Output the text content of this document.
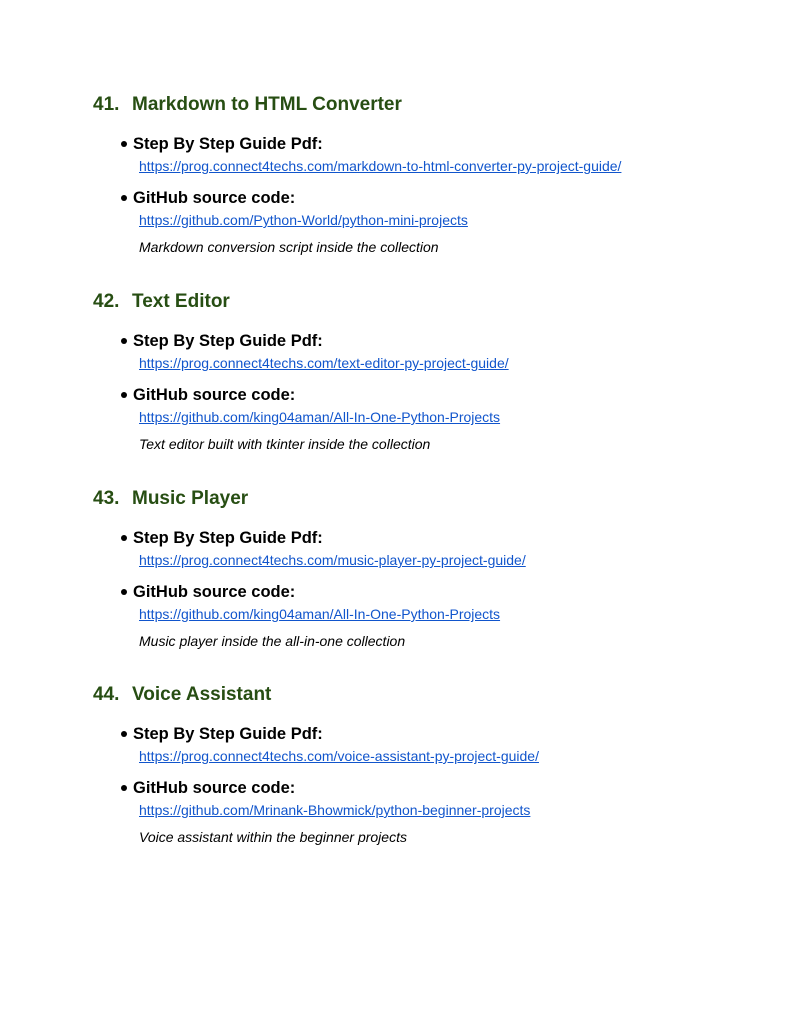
41. Markdown to HTML Converter
Step By Step Guide Pdf:
https://prog.connect4techs.com/markdown-to-html-converter-py-project-guide/
GitHub source code:
https://github.com/Python-World/python-mini-projects
Markdown conversion script inside the collection
42. Text Editor
Step By Step Guide Pdf:
https://prog.connect4techs.com/text-editor-py-project-guide/
GitHub source code:
https://github.com/king04aman/All-In-One-Python-Projects
Text editor built with tkinter inside the collection
43. Music Player
Step By Step Guide Pdf:
https://prog.connect4techs.com/music-player-py-project-guide/
GitHub source code:
https://github.com/king04aman/All-In-One-Python-Projects
Music player inside the all-in-one collection
44. Voice Assistant
Step By Step Guide Pdf:
https://prog.connect4techs.com/voice-assistant-py-project-guide/
GitHub source code:
https://github.com/Mrinank-Bhowmick/python-beginner-projects
Voice assistant within the beginner projects
